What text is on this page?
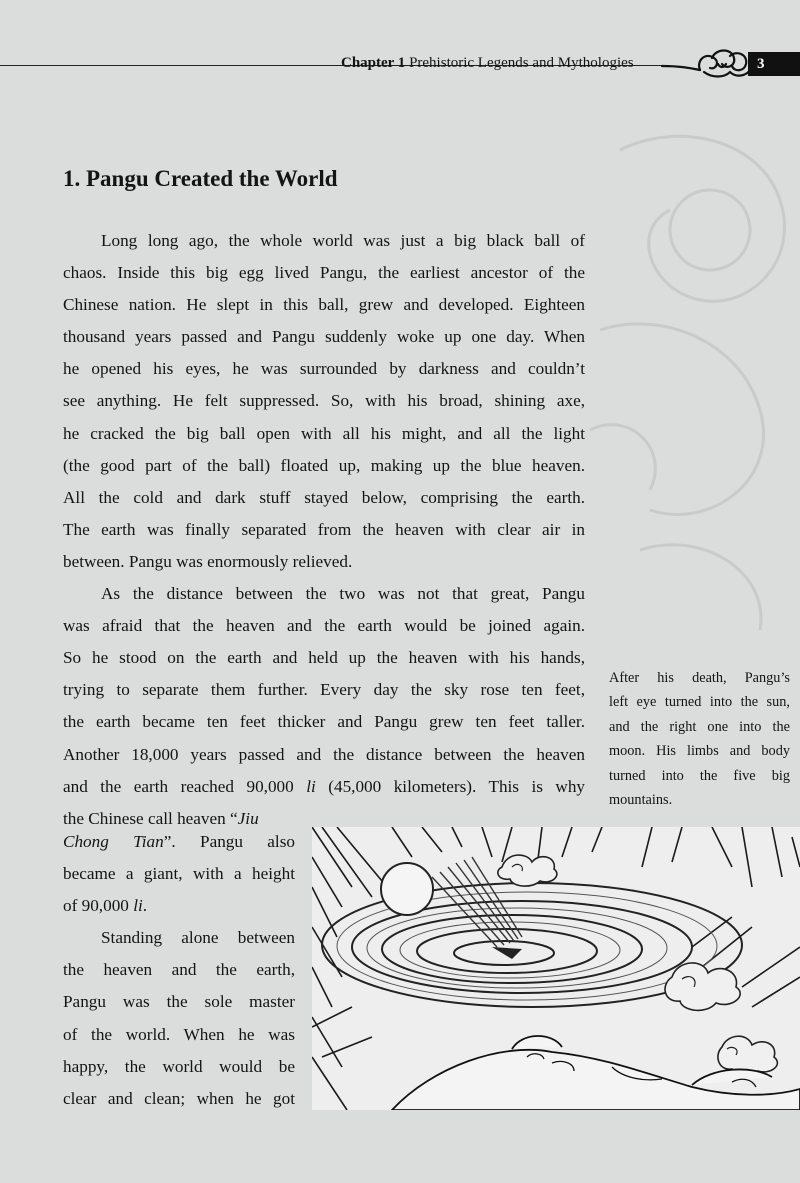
Chapter 1 Prehistoric Legends and Mythologies	3
1. Pangu Created the World

Long long ago, the whole world was just a big black ball of
chaos. Inside this big egg lived Pangu, the earliest ancestor of the
Chinese nation. He slept in this ball, grew and developed. Eighteen
thousand years passed and Pangu suddenly woke up one day. When
he opened his eyes, he was surrounded by darkness and couldn’t
see anything. He felt suppressed. So, with his broad, shining axe,
he cracked the big ball open with all his might, and all the light
(the good part of the ball) floated up, making up the blue heaven.
All the cold and dark stuff stayed below, comprising the earth.
The earth was finally separated from the heaven with clear air in
between. Pangu was enormously relieved.

As the distance between the two was not that great, Pangu
was afraid that the heaven and the earth would be joined again.
So he stood on the earth and held up the heaven with his hands,
trying to separate them further. Every day the sky rose ten feet,
the earth became ten feet thicker and Pangu grew ten feet taller.
Another 18,000 years passed and the distance between the heaven
and the earth reached 90,000 li (45,000 kilometers). This is why
the Chinese call heaven “Jiu

Chong Tian”. Pangu also
became a giant, with a height
of 90,000 li.
Standing alone between
the heaven and the earth,
Pangu was the sole master
of the world. When he was
happy, the world would be
clear and clean; when he got
After his death, Pangu’s
left eye turned into the sun,
and the right one into the
moon. His limbs and body
turned into the five big
mountains.
